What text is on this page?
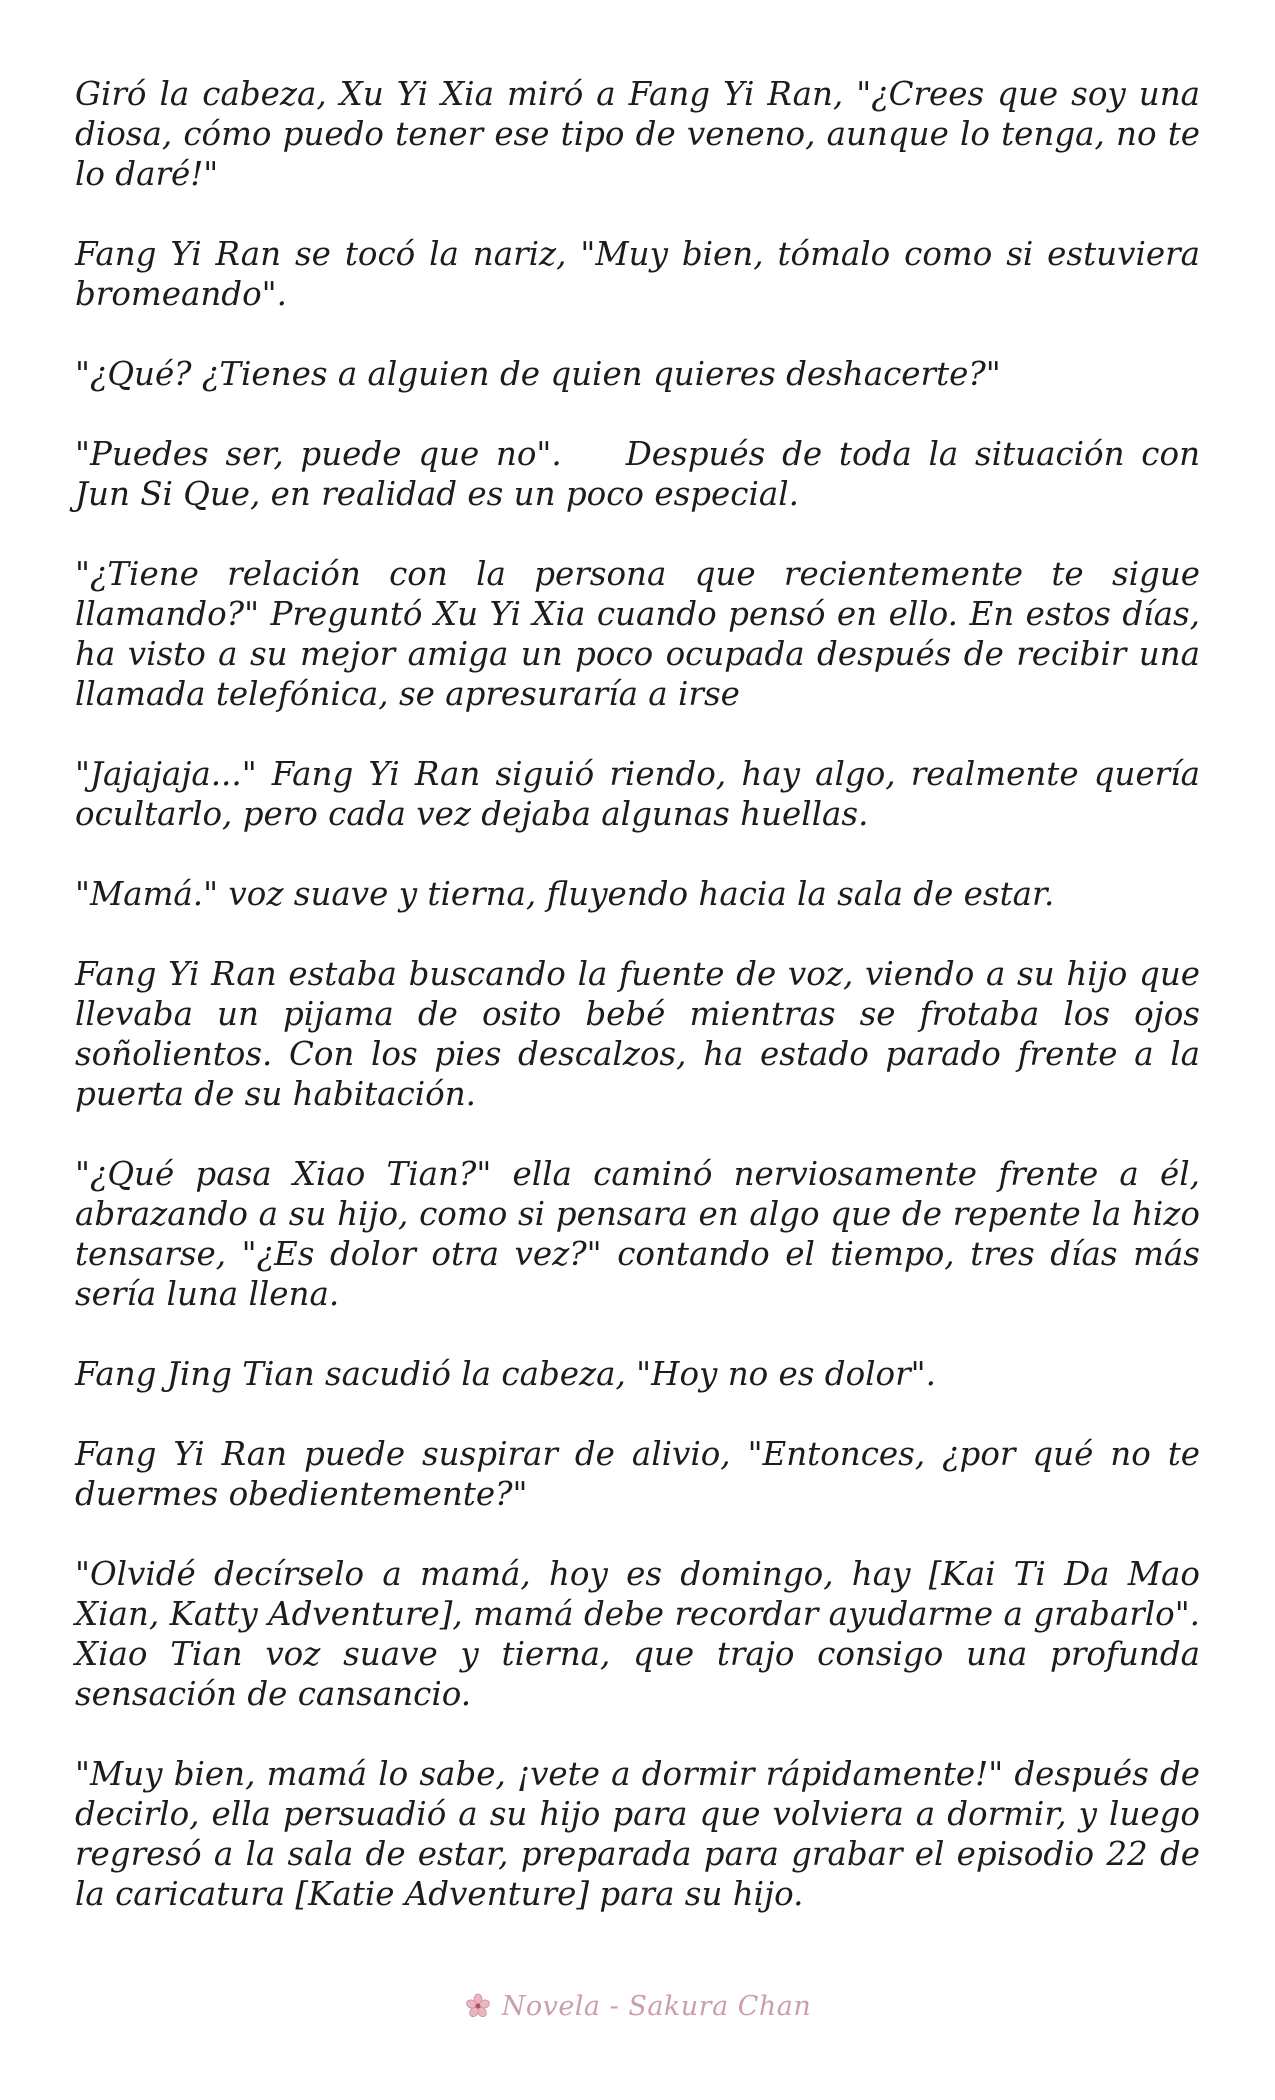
Giró la cabeza, Xu Yi Xia miró a Fang Yi Ran, "¿Crees que soy una diosa, cómo puedo tener ese tipo de veneno, aunque lo tenga, no te lo daré!"

Fang Yi Ran se tocó la nariz, "Muy bien, tómalo como si estuviera bromeando".

"¿Qué? ¿Tienes a alguien de quien quieres deshacerte?"

"Puedes ser, puede que no". Después de toda la situación con Jun Si Que, en realidad es un poco especial.

"¿Tiene relación con la persona que recientemente te sigue llamando?" Preguntó Xu Yi Xia cuando pensó en ello. En estos días, ha visto a su mejor amiga un poco ocupada después de recibir una llamada telefónica, se apresuraría a irse

"Jajajaja..." Fang Yi Ran siguió riendo, hay algo, realmente quería ocultarlo, pero cada vez dejaba algunas huellas.

"Mamá." voz suave y tierna, fluyendo hacia la sala de estar.

Fang Yi Ran estaba buscando la fuente de voz, viendo a su hijo que llevaba un pijama de osito bebé mientras se frotaba los ojos soñolientos. Con los pies descalzos, ha estado parado frente a la puerta de su habitación.

"¿Qué pasa Xiao Tian?" ella caminó nerviosamente frente a él, abrazando a su hijo, como si pensara en algo que de repente la hizo tensarse, "¿Es dolor otra vez?" contando el tiempo, tres días más sería luna llena.

Fang Jing Tian sacudió la cabeza, "Hoy no es dolor".

Fang Yi Ran puede suspirar de alivio, "Entonces, ¿por qué no te duermes obedientemente?"

"Olvidé decírselo a mamá, hoy es domingo, hay [Kai Ti Da Mao Xian, Katty Adventure], mamá debe recordar ayudarme a grabarlo". Xiao Tian voz suave y tierna, que trajo consigo una profunda sensación de cansancio.

"Muy bien, mamá lo sabe, ¡vete a dormir rápidamente!" después de decirlo, ella persuadió a su hijo para que volviera a dormir, y luego regresó a la sala de estar, preparada para grabar el episodio 22 de la caricatura [Katie Adventure] para su hijo.

Novela - Sakura Chan
